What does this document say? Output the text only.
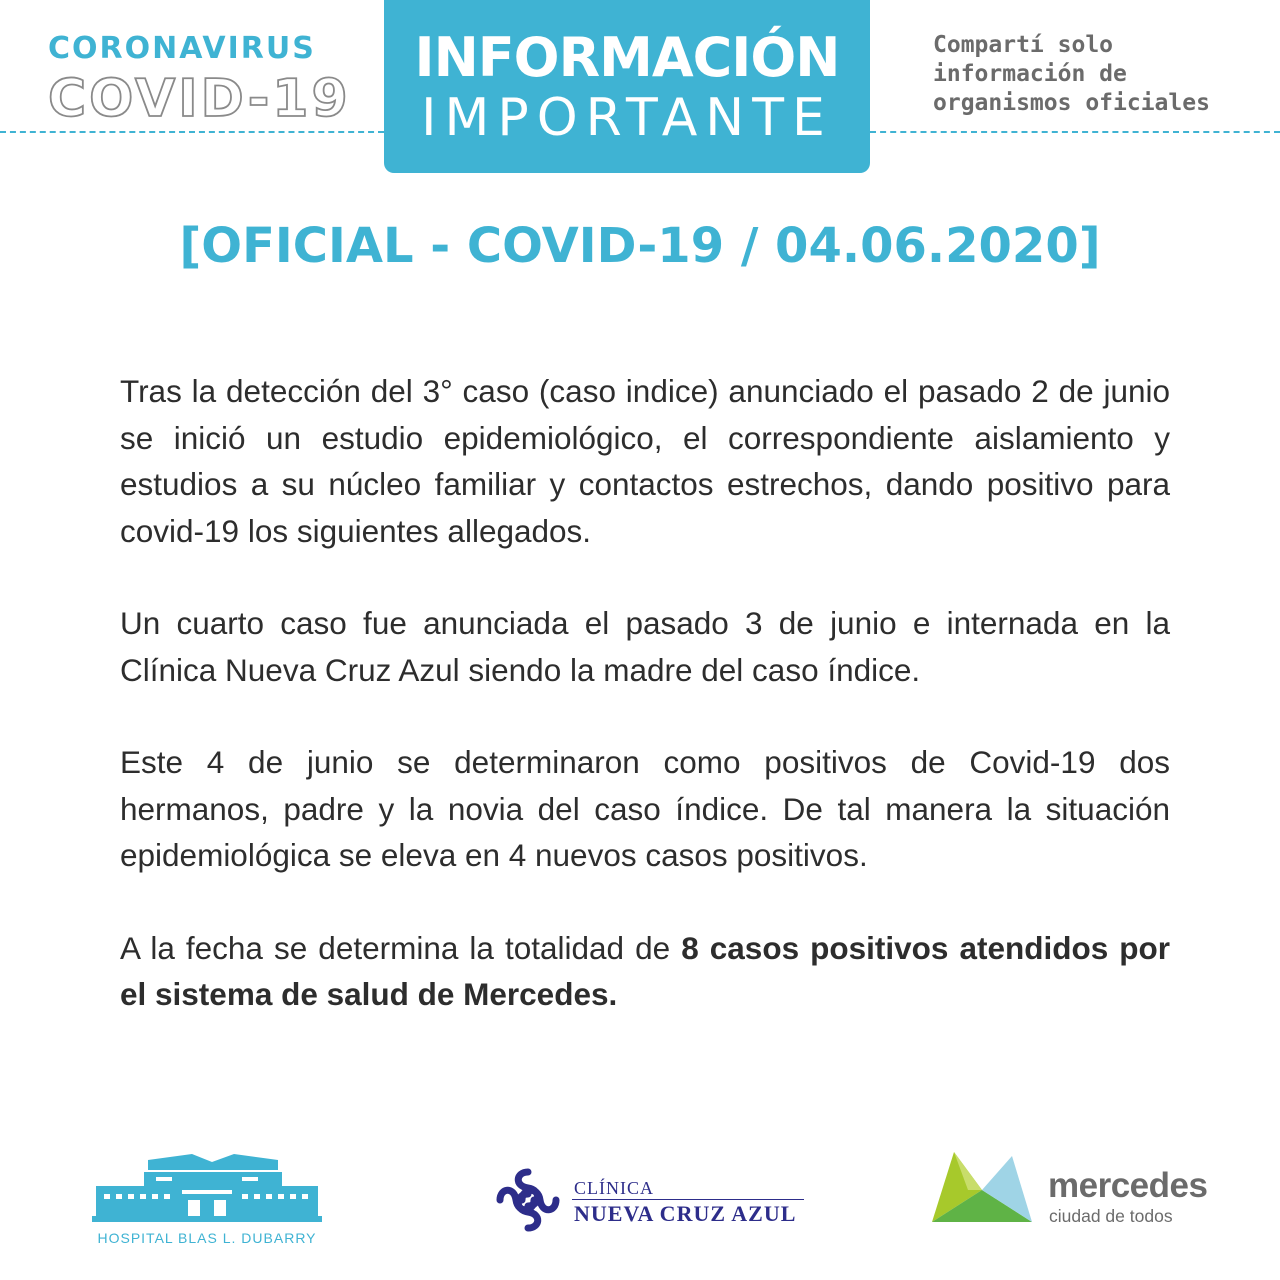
CORONAVIRUS
COVID-19
INFORMACIÓN
IMPORTANTE
Compartí solo
información de
organismos oficiales
[OFICIAL - COVID-19 / 04.06.2020]

Tras la detección del 3° caso (caso indice) anunciado el pasado 2 de junio se inició un estudio epidemiológico, el correspondiente aislamiento y estudios a su núcleo familiar y contactos estrechos, dando positivo para covid-19 los siguientes allegados.

Un cuarto caso fue anunciada el pasado 3 de junio e internada en la Clínica Nueva Cruz Azul siendo la madre del caso índice.

Este 4 de junio se determinaron como positivos de Covid-19 dos hermanos, padre y la novia del caso índice. De tal manera la situación epidemiológica se eleva en 4 nuevos casos positivos.

A la fecha se determina la totalidad de 8 casos positivos atendidos por el sistema de salud de Mercedes.

HOSPITAL BLAS L. DUBARRY
CLÍNICA
NUEVA CRUZ AZUL
mercedes
ciudad de todos
